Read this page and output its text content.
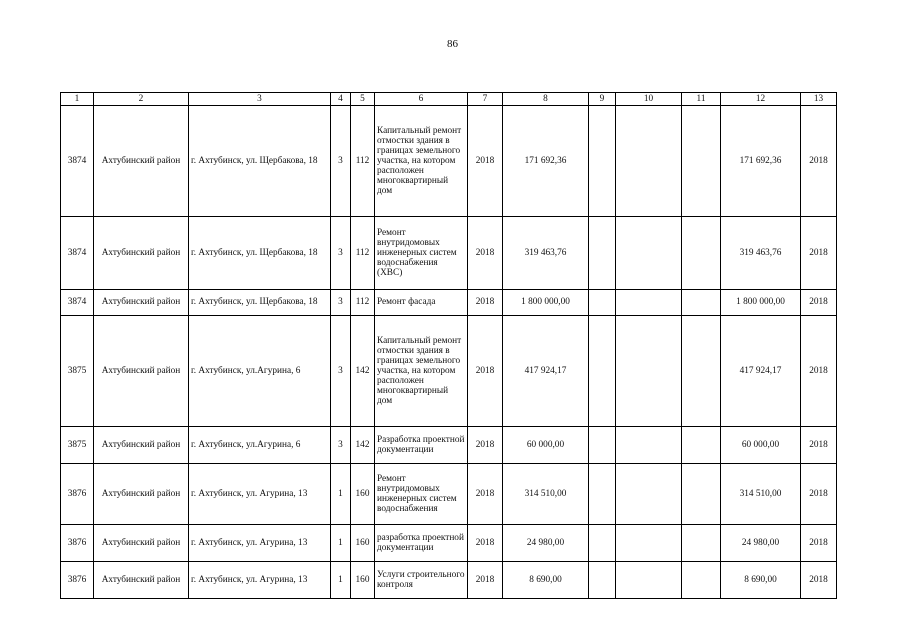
86
1	2	3	4	5	6	7	8	9	10	11	12	13
3874	Ахтубинский район	г. Ахтубинск, ул. Щербакова, 18	3	112	Капитальный ремонт отмостки здания в границах земельного участка, на котором расположен многоквартирный дом	2018	171 692,36				171 692,36	2018
3874	Ахтубинский район	г. Ахтубинск, ул. Щербакова, 18	3	112	Ремонт внутридомовых инженерных систем водоснабжения (ХВС)	2018	319 463,76				319 463,76	2018
3874	Ахтубинский район	г. Ахтубинск, ул. Щербакова, 18	3	112	Ремонт фасада	2018	1 800 000,00				1 800 000,00	2018
3875	Ахтубинский район	г. Ахтубинск, ул.Агурина, 6	3	142	Капитальный ремонт отмостки здания в границах земельного участка, на котором расположен многоквартирный дом	2018	417 924,17				417 924,17	2018
3875	Ахтубинский район	г. Ахтубинск, ул.Агурина, 6	3	142	Разработка проектной документации	2018	60 000,00				60 000,00	2018
3876	Ахтубинский район	г. Ахтубинск, ул. Агурина, 13	1	160	Ремонт внутридомовых инженерных систем водоснабжения	2018	314 510,00				314 510,00	2018
3876	Ахтубинский район	г. Ахтубинск, ул. Агурина, 13	1	160	разработка проектной документации	2018	24 980,00				24 980,00	2018
3876	Ахтубинский район	г. Ахтубинск, ул. Агурина, 13	1	160	Услуги строительного контроля	2018	8 690,00				8 690,00	2018
